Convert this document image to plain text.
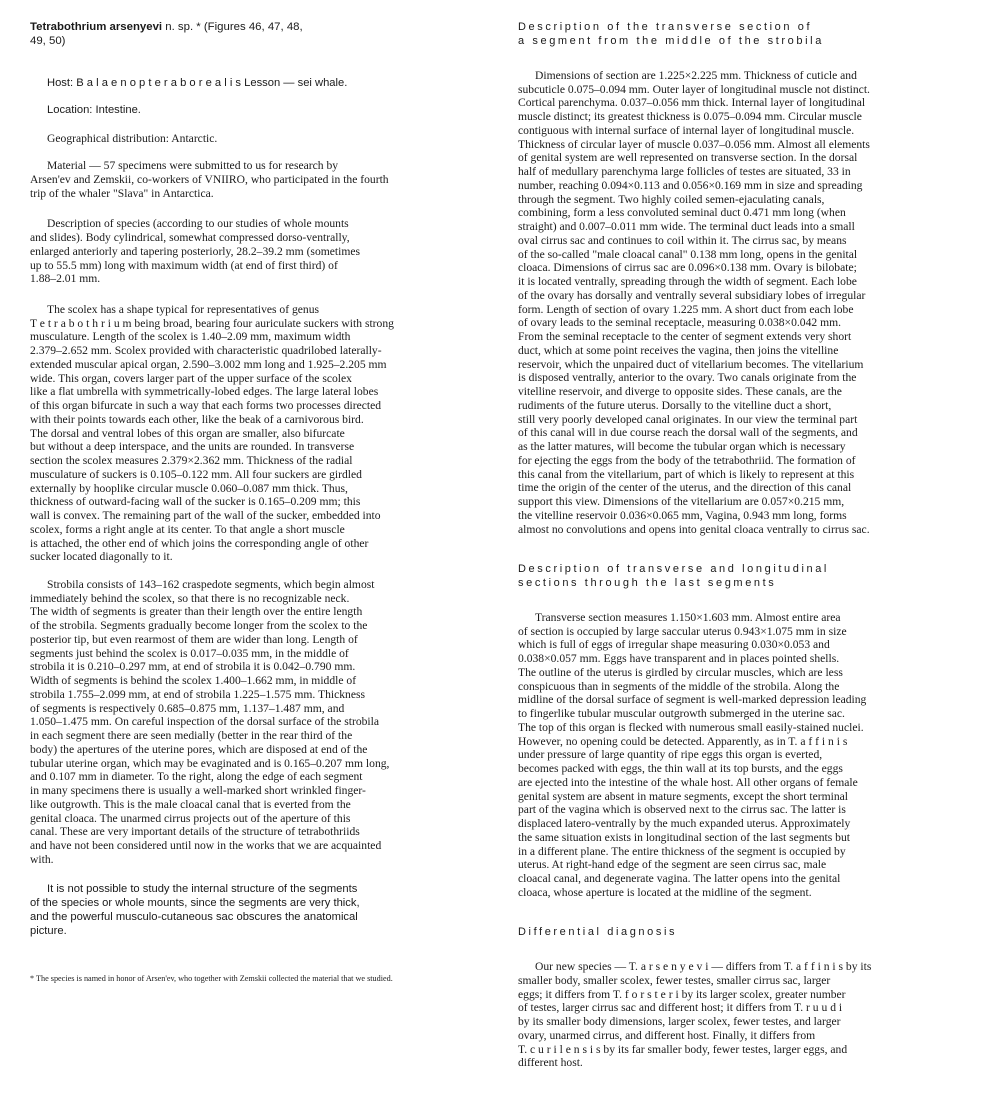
Tetrabothrium arsenyevi n. sp. * (Figures 46, 47, 48,
49, 50)

Host: B a l a e n o p t e r a b o r e a l i s Lesson — sei whale.

Location: Intestine.

Geographical distribution: Antarctic.

Material — 57 specimens were submitted to us for research by
Arsen'ev and Zemskii, co-workers of VNIIRO, who participated in the fourth
trip of the whaler "Slava" in Antarctica.

Description of species (according to our studies of whole mounts
and slides). Body cylindrical, somewhat compressed dorso-ventrally,
enlarged anteriorly and tapering posteriorly, 28.2–39.2 mm (sometimes
up to 55.5 mm) long with maximum width (at end of first third) of
1.88–2.01 mm.

The scolex has a shape typical for representatives of genus
T e t r a b o t h r i u m being broad, bearing four auriculate suckers with strong
musculature. Length of the scolex is 1.40–2.09 mm, maximum width
2.379–2.652 mm. Scolex provided with characteristic quadrilobed laterally-
extended muscular apical organ, 2.590–3.002 mm long and 1.925–2.205 mm
wide. This organ, covers larger part of the upper surface of the scolex
like a flat umbrella with symmetrically-lobed edges. The large lateral lobes
of this organ bifurcate in such a way that each forms two processes directed
with their points towards each other, like the beak of a carnivorous bird.
The dorsal and ventral lobes of this organ are smaller, also bifurcate
but without a deep interspace, and the units are rounded. In transverse
section the scolex measures 2.379×2.362 mm. Thickness of the radial
musculature of suckers is 0.105–0.122 mm. All four suckers are girdled
externally by hooplike circular muscle 0.060–0.087 mm thick. Thus,
thickness of outward-facing wall of the sucker is 0.165–0.209 mm; this
wall is convex. The remaining part of the wall of the sucker, embedded into
scolex, forms a right angle at its center. To that angle a short muscle
is attached, the other end of which joins the corresponding angle of other
sucker located diagonally to it.

Strobila consists of 143–162 craspedote segments, which begin almost
immediately behind the scolex, so that there is no recognizable neck.
The width of segments is greater than their length over the entire length
of the strobila. Segments gradually become longer from the scolex to the
posterior tip, but even rearmost of them are wider than long. Length of
segments just behind the scolex is 0.017–0.035 mm, in the middle of
strobila it is 0.210–0.297 mm, at end of strobila it is 0.042–0.790 mm.
Width of segments is behind the scolex 1.400–1.662 mm, in middle of
strobila 1.755–2.099 mm, at end of strobila 1.225–1.575 mm. Thickness
of segments is respectively 0.685–0.875 mm, 1.137–1.487 mm, and
1.050–1.475 mm. On careful inspection of the dorsal surface of the strobila
in each segment there are seen medially (better in the rear third of the
body) the apertures of the uterine pores, which are disposed at end of the
tubular uterine organ, which may be evaginated and is 0.165–0.207 mm long,
and 0.107 mm in diameter. To the right, along the edge of each segment
in many specimens there is usually a well-marked short wrinkled finger-
like outgrowth. This is the male cloacal canal that is everted from the
genital cloaca. The unarmed cirrus projects out of the aperture of this
canal. These are very important details of the structure of tetrabothriids
and have not been considered until now in the works that we are acquainted
with.

It is not possible to study the internal structure of the segments
of the species or whole mounts, since the segments are very thick,
and the powerful musculo-cutaneous sac obscures the anatomical
picture.

* The species is named in honor of Arsen'ev, who together with Zemskii collected the material that we studied.
Description of the transverse section of
a segment from the middle of the strobila

Dimensions of section are 1.225×2.225 mm. Thickness of cuticle and
subcuticle 0.075–0.094 mm. Outer layer of longitudinal muscle not distinct.
Cortical parenchyma. 0.037–0.056 mm thick. Internal layer of longitudinal
muscle distinct; its greatest thickness is 0.075–0.094 mm. Circular muscle
contiguous with internal surface of internal layer of longitudinal muscle.
Thickness of circular layer of muscle 0.037–0.056 mm. Almost all elements
of genital system are well represented on transverse section. In the dorsal
half of medullary parenchyma large follicles of testes are situated, 33 in
number, reaching 0.094×0.113 and 0.056×0.169 mm in size and spreading
through the segment. Two highly coiled semen-ejaculating canals,
combining, form a less convoluted seminal duct 0.471 mm long (when
straight) and 0.007–0.011 mm wide. The terminal duct leads into a small
oval cirrus sac and continues to coil within it. The cirrus sac, by means
of the so-called "male cloacal canal" 0.138 mm long, opens in the genital
cloaca. Dimensions of cirrus sac are 0.096×0.138 mm. Ovary is bilobate;
it is located ventrally, spreading through the width of segment. Each lobe
of the ovary has dorsally and ventrally several subsidiary lobes of irregular
form. Length of section of ovary 1.225 mm. A short duct from each lobe
of ovary leads to the seminal receptacle, measuring 0.038×0.042 mm.
From the seminal receptacle to the center of segment extends very short
duct, which at some point receives the vagina, then joins the vitelline
reservoir, which the unpaired duct of vitellarium becomes. The vitellarium
is disposed ventrally, anterior to the ovary. Two canals originate from the
vitelline reservoir, and diverge to opposite sides. These canals, are the
rudiments of the future uterus. Dorsally to the vitelline duct a short,
still very poorly developed canal originates. In our view the terminal part
of this canal will in due course reach the dorsal wall of the segments, and
as the latter matures, will become the tubular organ which is necessary
for ejecting the eggs from the body of the tetrabothriid. The formation of
this canal from the vitellarium, part of which is likely to represent at this
time the origin of the center of the uterus, and the direction of this canal
support this view. Dimensions of the vitellarium are 0.057×0.215 mm,
the vitelline reservoir 0.036×0.065 mm, Vagina, 0.943 mm long, forms
almost no convolutions and opens into genital cloaca ventrally to cirrus sac.

Description of transverse and longitudinal
sections through the last segments

Transverse section measures 1.150×1.603 mm. Almost entire area
of section is occupied by large saccular uterus 0.943×1.075 mm in size
which is full of eggs of irregular shape measuring 0.030×0.053 and
0.038×0.057 mm. Eggs have transparent and in places pointed shells.
The outline of the uterus is girdled by circular muscles, which are less
conspicuous than in segments of the middle of the strobila. Along the
midline of the dorsal surface of segment is well-marked depression leading
to fingerlike tubular muscular outgrowth submerged in the uterine sac.
The top of this organ is flecked with numerous small easily-stained nuclei.
However, no opening could be detected. Apparently, as in T. a f f i n i s
under pressure of large quantity of ripe eggs this organ is everted,
becomes packed with eggs, the thin wall at its top bursts, and the eggs
are ejected into the intestine of the whale host. All other organs of female
genital system are absent in mature segments, except the short terminal
part of the vagina which is observed next to the cirrus sac. The latter is
displaced latero-ventrally by the much expanded uterus. Approximately
the same situation exists in longitudinal section of the last segments but
in a different plane. The entire thickness of the segment is occupied by
uterus. At right-hand edge of the segment are seen cirrus sac, male
cloacal canal, and degenerate vagina. The latter opens into the genital
cloaca, whose aperture is located at the midline of the segment.

Differential diagnosis

Our new species — T. a r s e n y e v i — differs from T. a f f i n i s by its
smaller body, smaller scolex, fewer testes, smaller cirrus sac, larger
eggs; it differs from T. f o r s t e r i by its larger scolex, greater number
of testes, larger cirrus sac and different host; it differs from T. r u u d i
by its smaller body dimensions, larger scolex, fewer testes, and larger
ovary, unarmed cirrus, and different host. Finally, it differs from
T. c u r i l e n s i s by its far smaller body, fewer testes, larger eggs, and
different host.
